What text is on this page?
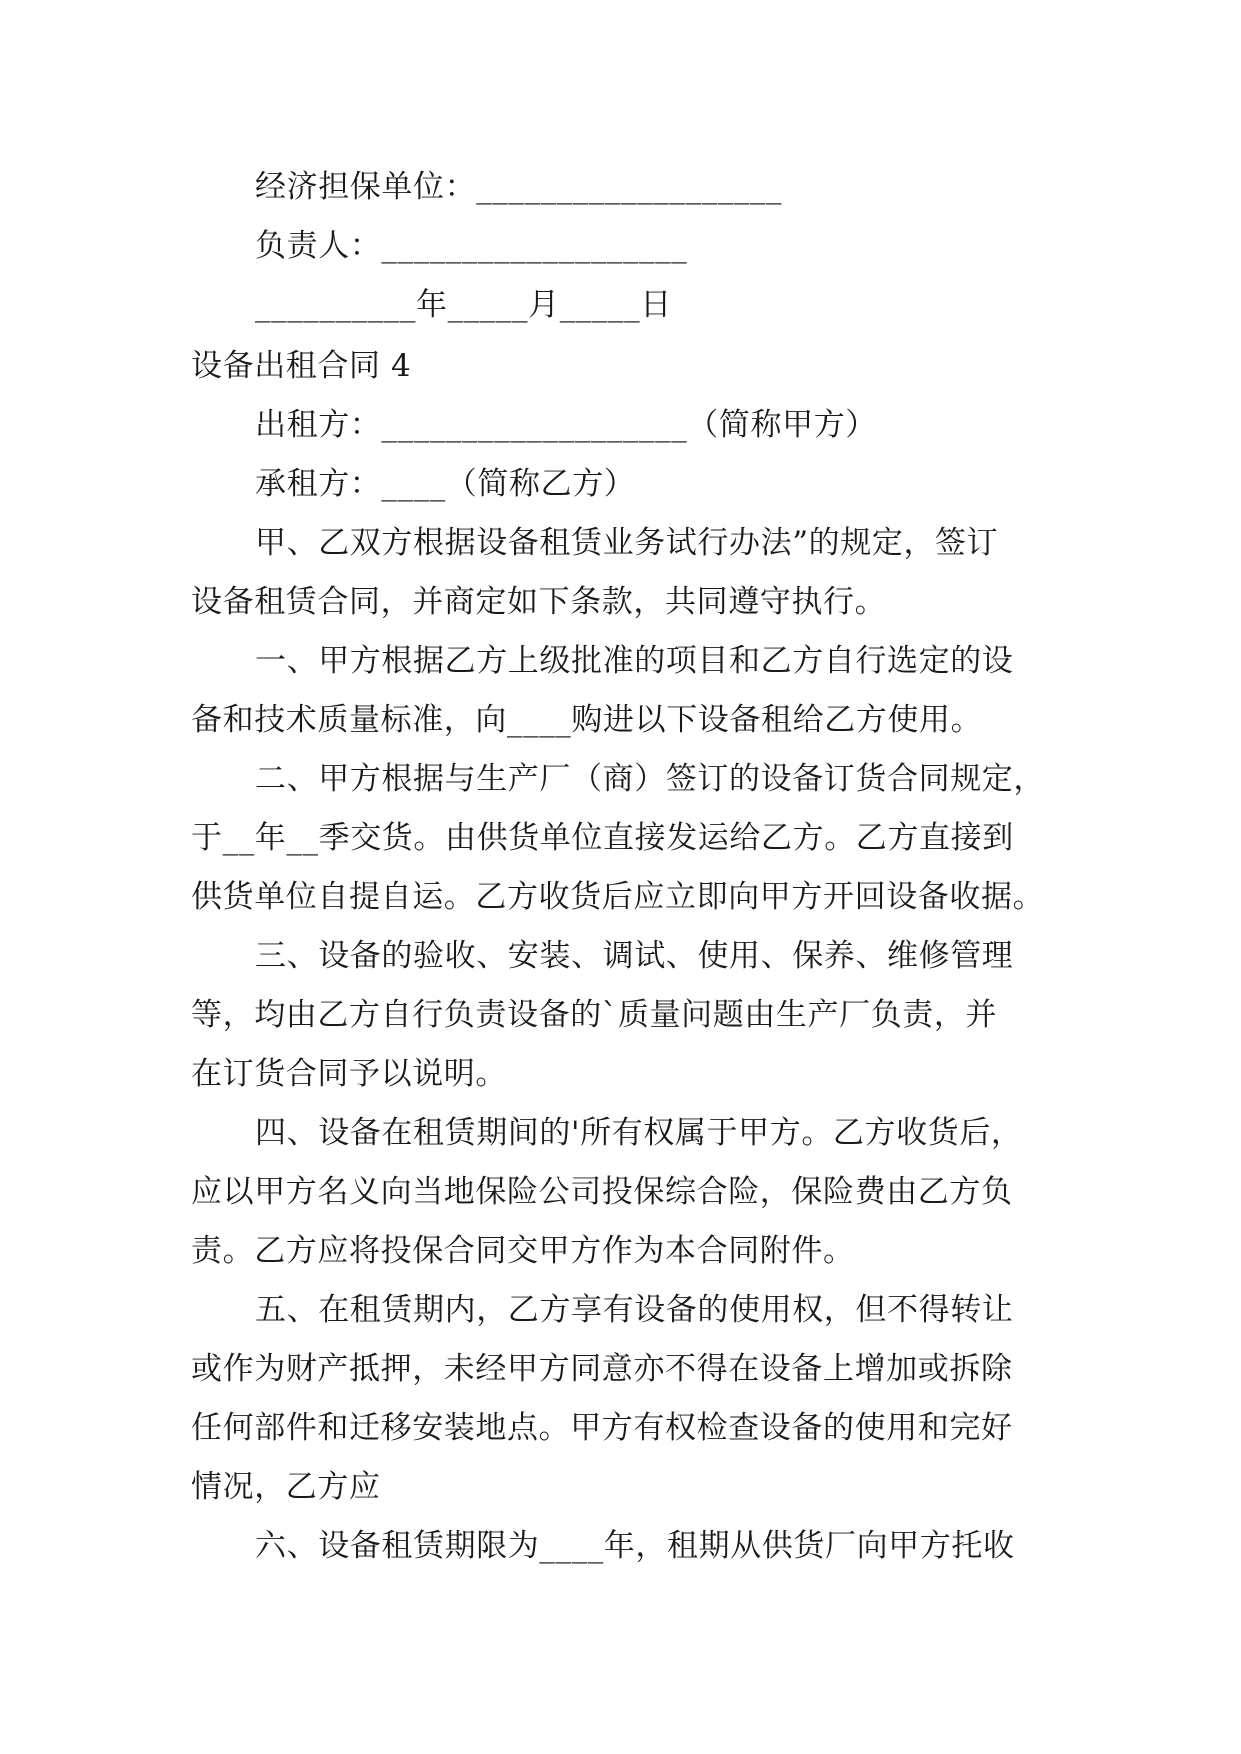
经济担保单位：___________________
负责人：___________________
__________年_____月_____日
设备出租合同 4
出租方：___________________（简称甲方）
承租方：____（简称乙方）
甲、乙双方根据设备租赁业务试行办法”的规定，签订
设备租赁合同，并商定如下条款，共同遵守执行。
一、甲方根据乙方上级批准的项目和乙方自行选定的设
备和技术质量标准，向____购进以下设备租给乙方使用。
二、甲方根据与生产厂（商）签订的设备订货合同规定，
于__年__季交货。由供货单位直接发运给乙方。乙方直接到
供货单位自提自运。乙方收货后应立即向甲方开回设备收据。
三、设备的验收、安装、调试、使用、保养、维修管理
等，均由乙方自行负责设备的`质量问题由生产厂负责，并
在订货合同予以说明。
四、设备在租赁期间的'所有权属于甲方。乙方收货后，
应以甲方名义向当地保险公司投保综合险，保险费由乙方负
责。乙方应将投保合同交甲方作为本合同附件。
五、在租赁期内，乙方享有设备的使用权，但不得转让
或作为财产抵押，未经甲方同意亦不得在设备上增加或拆除
任何部件和迁移安装地点。甲方有权检查设备的使用和完好
情况，乙方应
六、设备租赁期限为____年，租期从供货厂向甲方托收
